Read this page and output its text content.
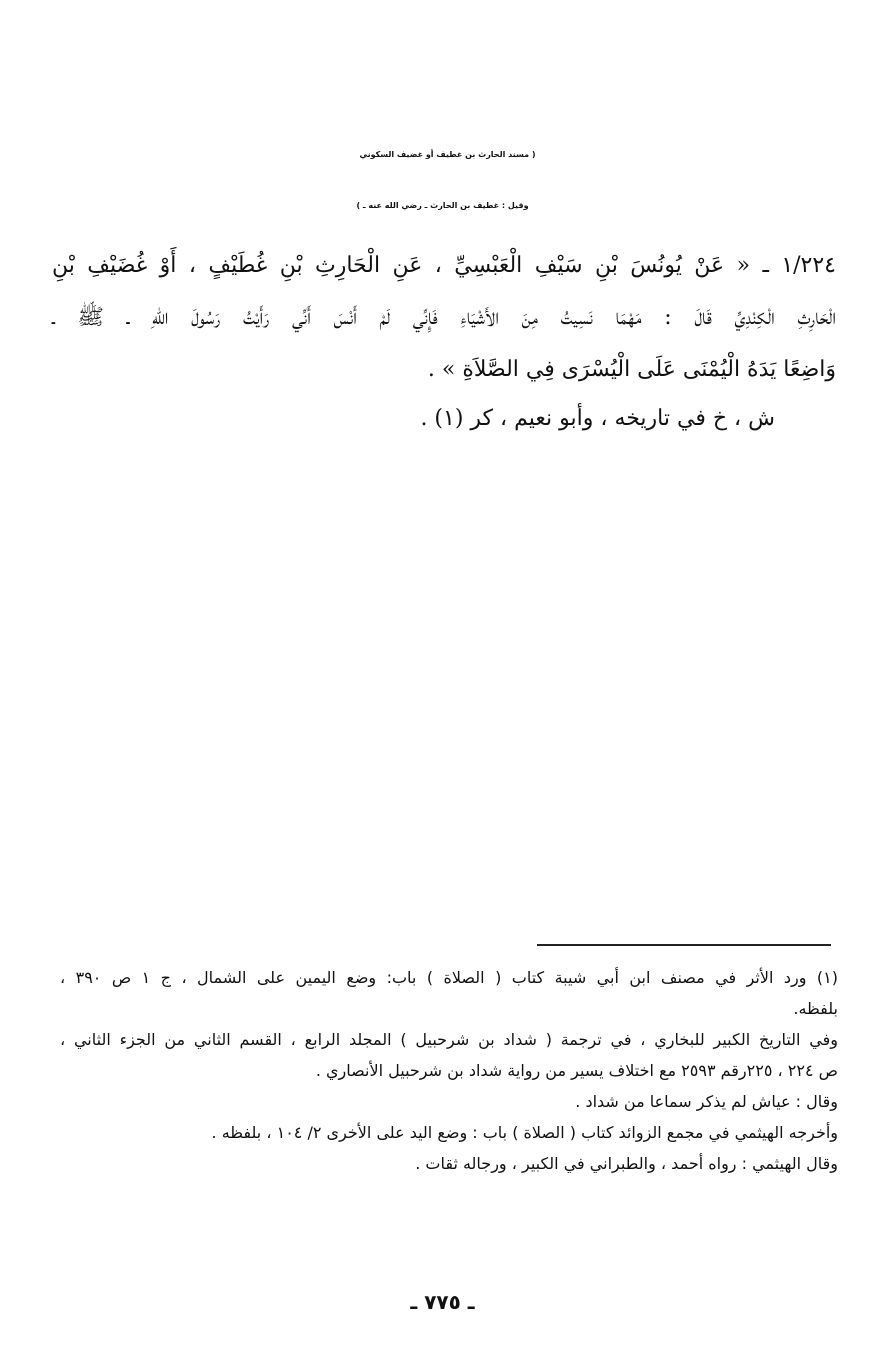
( مسند الحارث بن غطيف أو غضيف السكوني
وقيل : غطيف بن الحارث ـ رضي الله عنه ـ )
١/٢٢٤ ـ « عَنْ يُونُسَ بْنِ سَيْفِ الْعَبْسِيِّ ، عَنِ الْحَارِثِ بْنِ غُطَيْفٍ ، أَوْ غُضَيْفِ بْنِ
الْحَارِثِ الْكِنْدِيِّ قَالَ : مَهْمَا نَسِيتُ مِنَ الأَشْيَاءِ فَإِنِّي لَمْ أَنْسَ أَنِّي رَأَيْتُ رَسُولَ اللهِ ـ ﷺ ـ
وَاضِعًا يَدَهُ الْيُمْنَى عَلَى الْيُسْرَى فِي الصَّلاَةِ » .
ش ، خ في تاريخه ، وأبو نعيم ، كر (١) .
(١) ورد الأثر في مصنف ابن أبي شيبة كتاب ( الصلاة ) باب: وضع اليمين على الشمال ، ج ١ ص ٣٩٠ ،
بلفظه.
وفي التاريخ الكبير للبخاري ، في ترجمة ( شداد بن شرحبيل ) المجلد الرابع ، القسم الثاني من الجزء الثاني ،
ص ٢٢٤ ، ٢٢٥رقم ٢٥٩٣ مع اختلاف يسير من رواية شداد بن شرحبيل الأنصاري .
وقال : عياش لم يذكر سماعا من شداد .
وأخرجه الهيثمي في مجمع الزوائد كتاب ( الصلاة ) باب : وضع اليد على الأخرى ٢/ ١٠٤ ، بلفظه .
وقال الهيثمي : رواه أحمد ، والطبراني في الكبير ، ورجاله ثقات .
ـ ٧٧٥ ـ
